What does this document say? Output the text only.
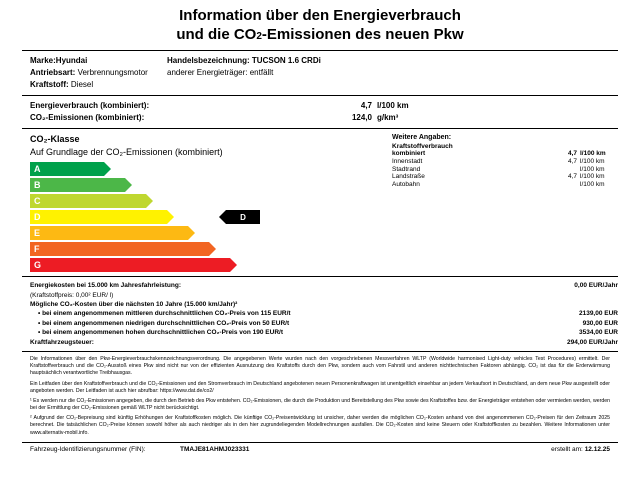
Information über den Energieverbrauch
und die CO2-Emissionen des neuen Pkw
Marke:Hyundai
Antriebsart: Verbrennungsmotor
Kraftstoff: Diesel
Handelsbezeichnung: TUCSON 1.6 CRDi
anderer Energieträger: entfällt
Energieverbrauch (kombiniert):	4,7 l/100 km
CO₂-Emissionen (kombiniert):	124,0 g/km³
CO₂-Klasse
Auf Grundlage der CO₂-Emissionen (kombiniert)
A
B
C
D	D
E
F
G
Weitere Angaben:
Kraftstoffverbrauch
kombiniert	4,7	l/100 km
Innenstadt	4,7	l/100 km
Stadtrand		l/100 km
Landstraße	4,7	l/100 km
Autobahn		l/100 km
Energiekosten bei 15.000 km Jahresfahrleistung:	0,00 EUR/Jahr
(Kraftstoffpreis: 0,00² EUR/ l)
Mögliche CO₂-Kosten über die nächsten 10 Jahre (15.000 km/Jahr)²
• bei einem angenommenen mittleren durchschnittlichen CO₂-Preis von 115 EUR/t	2139,00 EUR
• bei einem angenommenen niedrigen durchschnittlichen CO₂-Preis von 50 EUR/t	930,00 EUR
• bei einem angenommenen hohen durchschnittlichen CO₂-Preis von 190 EUR/t	3534,00 EUR
Kraftfahrzeugsteuer:	294,00 EUR/Jahr

Die Informationen über den Pkw-Energieverbrauchskennzeichnungsverordnung. Die angegebenen Werte wurden nach den vorgeschriebenen Messverfahren WLTP (Worldwide harmonised Light-duty vehicles Test Procedures) ermittelt. Der Kraftstoffverbrauch und die CO₂-Ausstoß eines Pkw sind nicht nur von der effizienten Ausnutzung des Kraftstoffs durch den Pkw, sondern auch vom Fahrstil und anderen nichttechnischen Faktoren abhängig. CO₂ ist das für die Erderwärmung hauptsächlich verantwortliche Treibhausgas.

Ein Leitfaden über den Kraftstoffverbrauch und die CO₂-Emissionen und den Stromverbrauch im Deutschland angebotenen neuen Personenkraftwagen ist unentgeltlich einsehbar an jedem Verkaufsort in Deutschland, an dem neue Pkw ausgestellt oder angeboten werden. Der Leitfaden ist auch hier abrufbar: https://www.dat.de/co2/

¹ Es werden nur die CO₂-Emissionen angegeben, die durch den Betrieb des Pkw entstehen. CO₂-Emissionen, die durch die Produktion und Bereitstellung des Pkw sowie des Kraftstoffes bzw. der Energieträger entstehen oder vermieden werden, werden bei der Ermittlung der CO₂-Emissionen gemäß WLTP nicht berücksichtigt.

² Aufgrund der CO₂-Bepreisung sind künftig Erhöhungen der Kraftstoffkosten möglich. Die künftige CO₂-Preisentwicklung ist unsicher, daher werden die möglichen CO₂-Kosten anhand von drei angenommenen CO₂-Preisen für den Zeitraum 2025 berechnet. Die tatsächlichen CO₂-Preise können sowohl höher als auch niedriger als in den hier zugrundeliegenden Modellrechnungen ausfallen. Die CO₂-Kosten sind keine Steuern oder Kraftstoffkosten zu bezahlen. Weitere Informationen unter www.alternativ-mobil.info.

Fahrzeug-Identifizierungsnummer (FIN):	TMAJE81AHMJ023331	erstellt am: 12.12.25
